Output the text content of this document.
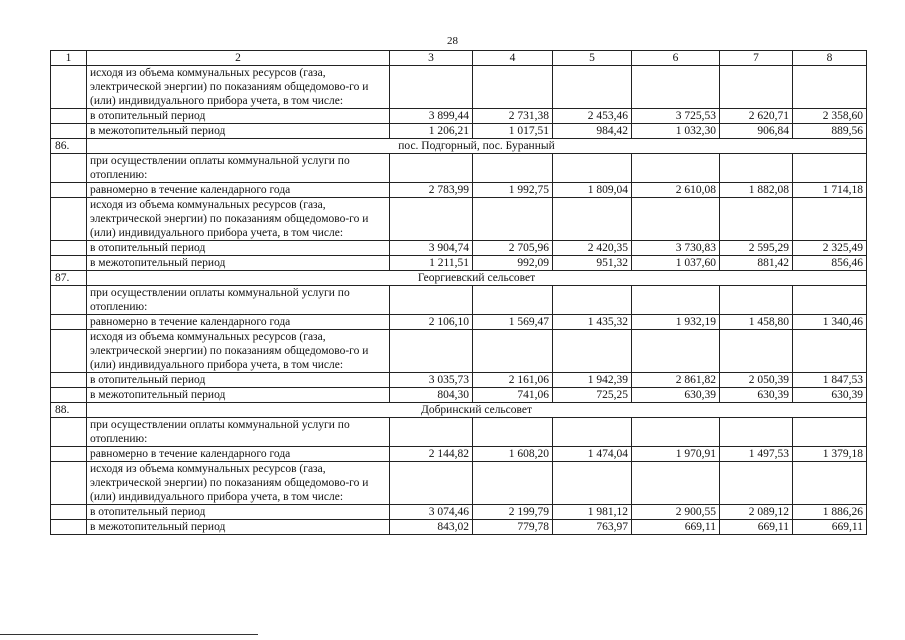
28
1	2	3	4	5	6	7	8
	исходя из объема коммунальных ресурсов (газа, электрической энергии) по показаниям общедомово-го и (или) индивидуального прибора учета, в том числе:						
	в отопительный период	3 899,44	2 731,38	2 453,46	3 725,53	2 620,71	2 358,60
	в межотопительный период	1 206,21	1 017,51	984,42	1 032,30	906,84	889,56
86.	пос. Подгорный, пос. Буранный						
	при осуществлении оплаты коммунальной услуги по отоплению:						
	равномерно в течение календарного года	2 783,99	1 992,75	1 809,04	2 610,08	1 882,08	1 714,18
	исходя из объема коммунальных ресурсов (газа, электрической энергии) по показаниям общедомово-го и (или) индивидуального прибора учета, в том числе:						
	в отопительный период	3 904,74	2 705,96	2 420,35	3 730,83	2 595,29	2 325,49
	в межотопительный период	1 211,51	992,09	951,32	1 037,60	881,42	856,46
87.	Георгиевский сельсовет						
	при осуществлении оплаты коммунальной услуги по отоплению:						
	равномерно в течение календарного года	2 106,10	1 569,47	1 435,32	1 932,19	1 458,80	1 340,46
	исходя из объема коммунальных ресурсов (газа, электрической энергии) по показаниям общедомово-го и (или) индивидуального прибора учета, в том числе:						
	в отопительный период	3 035,73	2 161,06	1 942,39	2 861,82	2 050,39	1 847,53
	в межотопительный период	804,30	741,06	725,25	630,39	630,39	630,39
88.	Добринский сельсовет						
	при осуществлении оплаты коммунальной услуги по отоплению:						
	равномерно в течение календарного года	2 144,82	1 608,20	1 474,04	1 970,91	1 497,53	1 379,18
	исходя из объема коммунальных ресурсов (газа, электрической энергии) по показаниям общедомово-го и (или) индивидуального прибора учета, в том числе:						
	в отопительный период	3 074,46	2 199,79	1 981,12	2 900,55	2 089,12	1 886,26
	в межотопительный период	843,02	779,78	763,97	669,11	669,11	669,11
